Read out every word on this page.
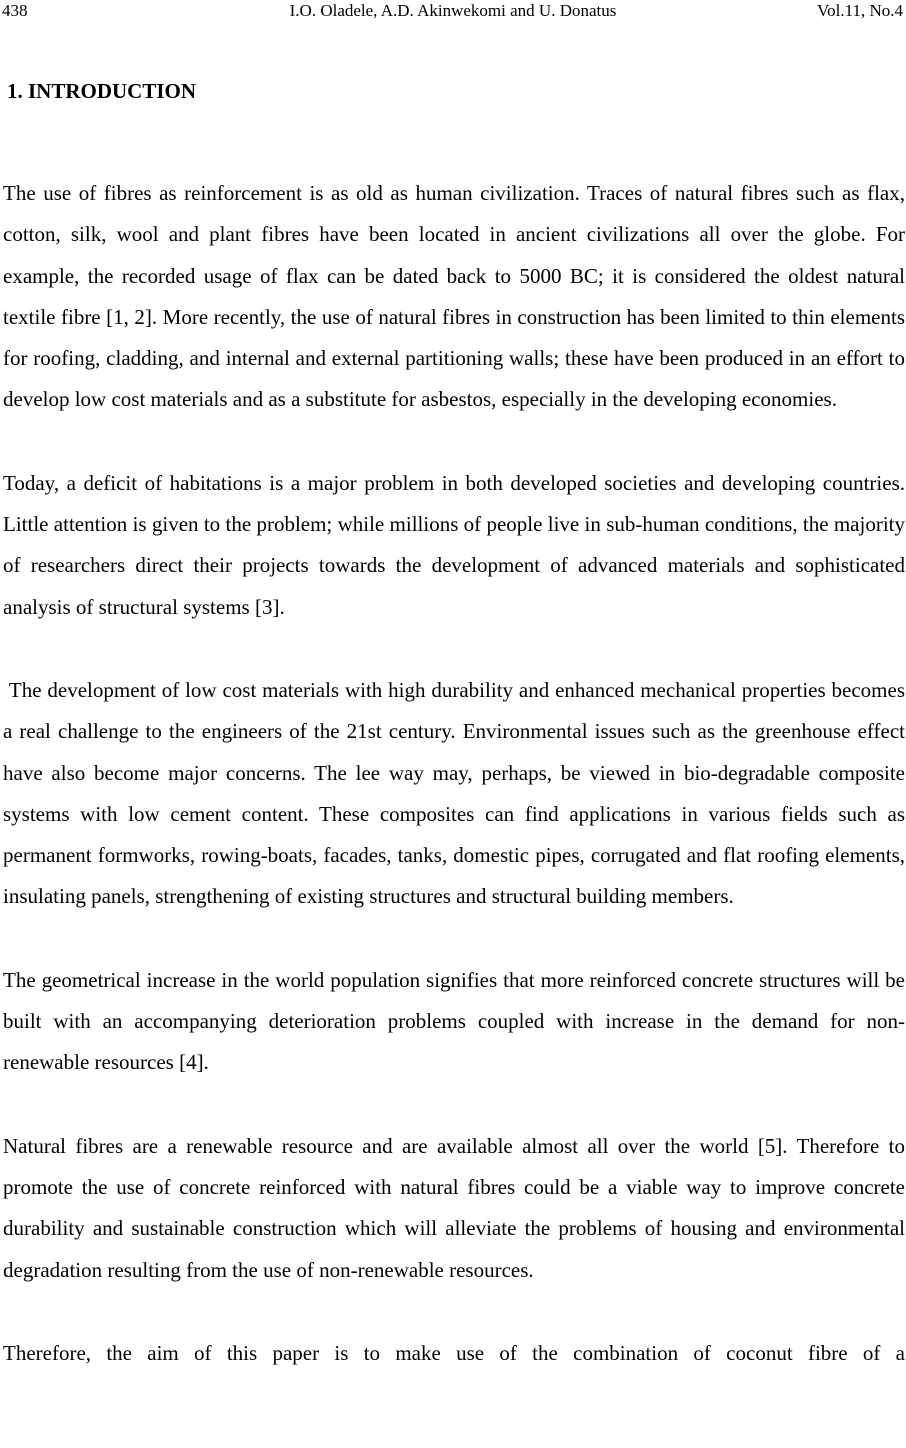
438	I.O. Oladele, A.D. Akinwekomi and U. Donatus	Vol.11, No.4
1. INTRODUCTION

The use of fibres as reinforcement is as old as human civilization. Traces of natural fibres such as flax, cotton, silk, wool and plant fibres have been located in ancient civilizations all over the globe. For example, the recorded usage of flax can be dated back to 5000 BC; it is considered the oldest natural textile fibre [1, 2]. More recently, the use of natural fibres in construction has been limited to thin elements for roofing, cladding, and internal and external partitioning walls; these have been produced in an effort to develop low cost materials and as a substitute for asbestos, especially in the developing economies.

Today, a deficit of habitations is a major problem in both developed societies and developing countries. Little attention is given to the problem; while millions of people live in sub-human conditions, the majority of researchers direct their projects towards the development of advanced materials and sophisticated analysis of structural systems [3].

The development of low cost materials with high durability and enhanced mechanical properties becomes a real challenge to the engineers of the 21st century. Environmental issues such as the greenhouse effect have also become major concerns. The lee way may, perhaps, be viewed in bio-degradable composite systems with low cement content. These composites can find applications in various fields such as permanent formworks, rowing-boats, facades, tanks, domestic pipes, corrugated and flat roofing elements, insulating panels, strengthening of existing structures and structural building members.

The geometrical increase in the world population signifies that more reinforced concrete structures will be built with an accompanying deterioration problems coupled with increase in the demand for non-renewable resources [4].

Natural fibres are a renewable resource and are available almost all over the world [5]. Therefore to promote the use of concrete reinforced with natural fibres could be a viable way to improve concrete durability and sustainable construction which will alleviate the problems of housing and environmental degradation resulting from the use of non-renewable resources.

Therefore, the aim of this paper is to make use of the combination of coconut fibre of a
